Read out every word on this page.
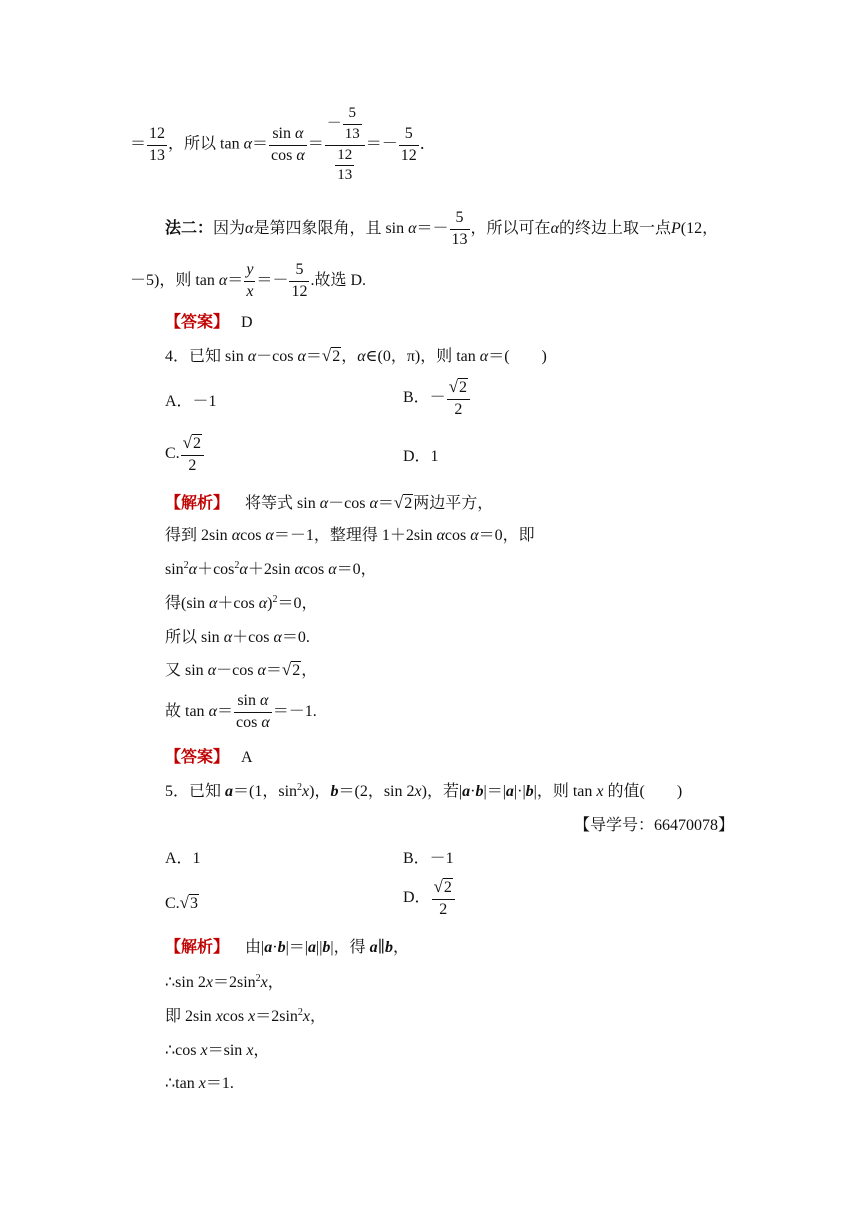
＝ $\frac{12}{13}$ ，所以 $\tan \alpha= \frac{\text{sin α}}{\text{cos α}} = \frac{- \frac{5}{13}}{\frac{12}{13}} =- \frac{5}{12}$ ．
法二：因为α是第四象限角，且 $\sin \alpha=- \frac{5}{13}$ ，所以可在α的终边上取一点P(12，
－5)，则 $\tan \alpha= \frac{y}{x} =- \frac{5}{12}$ .故选 D.
【答案】 D
4．已知 sin α－cos α＝√2，α∈(0，π)，则 tan α＝(　　)
A．－1	B．－ $\frac{√2}{2}$
C. $\frac{√2}{2}$	D．1
【解析】 将等式 sin α－cos α＝√2两边平方，
得到 2sin αcos α＝－1，整理得 1＋2sin αcos α＝0，即
$\sin^2\alpha+\cos^2\alpha+2\sin$ αcos α＝0，
得(sin α＋cos α)$^2$＝0，
所以 sin α＋cos α＝0.
又 sin α－cos α＝√2，
故 $\tan \alpha= \frac{\text{sin α}}{\text{cos α}} =-1$.
【答案】 A
5．已知 a＝(1，$\sin^2x$)，b＝(2，sin 2x)，若|a·b|＝|a|·|b|，则 tan x 的值(　　)
【导学号：66470078】
A．1	B．－1
C.√3	D． $\frac{√2}{2}$
【解析】 由|a·b|＝|a||b|，得 a∥b，
∴sin $2x=2\sin^2x$，
即 2sin xcos $x=2\sin^2x$，
∴cos x＝sin x，
∴tan x＝1.
